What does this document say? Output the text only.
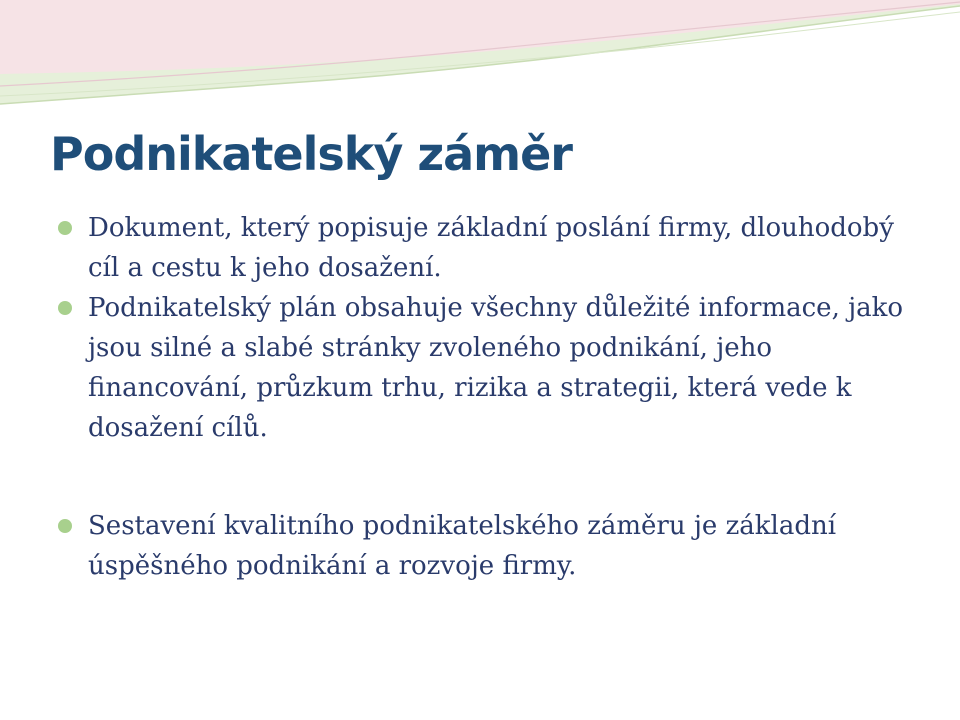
Podnikatelský záměr
Dokument, který popisuje základní poslání firmy, dlouhodobý cíl a cestu k jeho dosažení.
Podnikatelský plán obsahuje všechny důležité informace, jako jsou silné a slabé stránky zvoleného podnikání, jeho financování, průzkum trhu, rizika a strategii, která vede k dosažení cílů.
Sestavení kvalitního podnikatelského záměru je základní úspěšného podnikání a rozvoje firmy.
